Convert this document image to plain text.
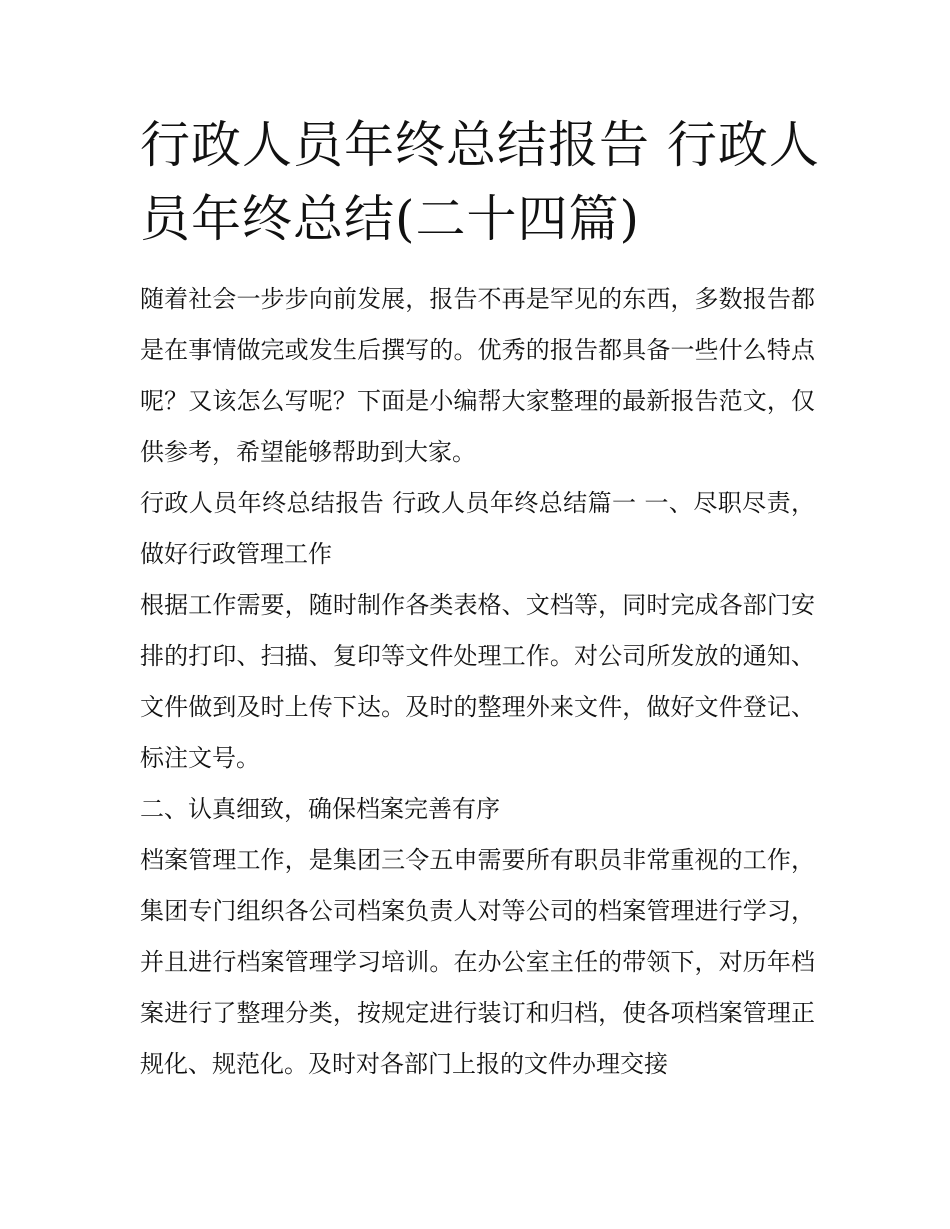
行政人员年终总结报告 行政人员年终总结(二十四篇)

随着社会一步步向前发展，报告不再是罕见的东西，多数报告都是在事情做完或发生后撰写的。优秀的报告都具备一些什么特点呢？又该怎么写呢？下面是小编帮大家整理的最新报告范文，仅供参考，希望能够帮助到大家。

行政人员年终总结报告 行政人员年终总结篇一 一、尽职尽责，做好行政管理工作

根据工作需要，随时制作各类表格、文档等，同时完成各部门安排的打印、扫描、复印等文件处理工作。对公司所发放的通知、文件做到及时上传下达。及时的整理外来文件，做好文件登记、标注文号。

二、认真细致，确保档案完善有序

档案管理工作，是集团三令五申需要所有职员非常重视的工作，集团专门组织各公司档案负责人对等公司的档案管理进行学习，并且进行档案管理学习培训。在办公室主任的带领下，对历年档案进行了整理分类，按规定进行装订和归档，使各项档案管理正规化、规范化。及时对各部门上报的文件办理交接
